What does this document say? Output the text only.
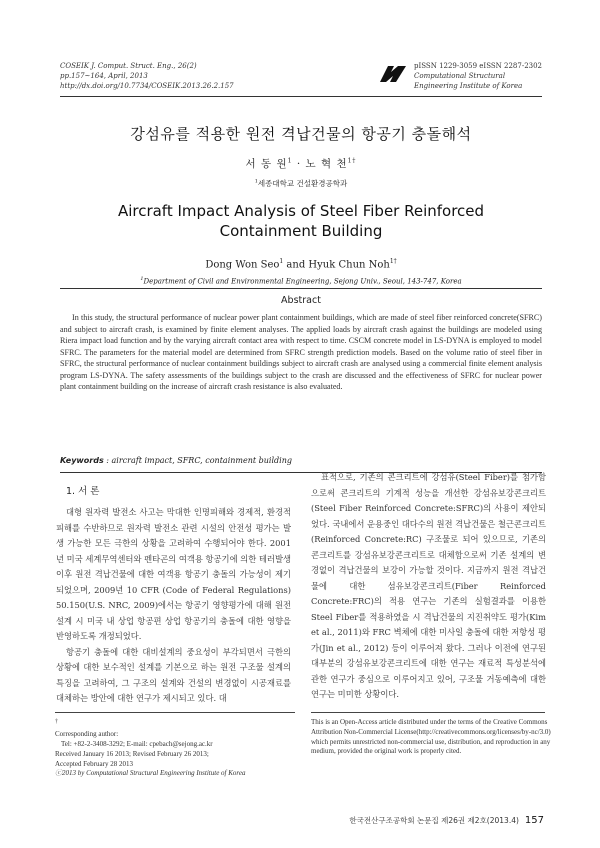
COSEIK J. Comput. Struct. Eng., 26(2)
pp.157~164, April, 2013
http://dx.doi.org/10.7734/COSEIK.2013.26.2.157
pISSN 1229-3059 eISSN 2287-2302
Computational Structural
Engineering Institute of Korea
강섬유를 적용한 원전 격납건물의 항공기 충돌해석
서 동 원$^1$ · 노 혁 천$^{1\dagger}$
$^1$세종대학교 건설환경공학과
Aircraft Impact Analysis of Steel Fiber Reinforced
Containment Building
Dong Won Seo$^1$ and Hyuk Chun Noh$^{1\dagger}$
$^1$Department of Civil and Environmental Engineering, Sejong Univ., Seoul, 143-747, Korea
Abstract
In this study, the structural performance of nuclear power plant containment buildings, which are made of steel fiber reinforced concrete(SFRC) and subject to aircraft crash, is examined by finite element analyses. The applied loads by aircraft crash against the buildings are modeled using Riera impact load function and by the varying aircraft contact area with respect to time. CSCM concrete model in LS-DYNA is employed to model SFRC. The parameters for the material model are determined from SFRC strength prediction models. Based on the volume ratio of steel fiber in SFRC, the structural performance of nuclear containment buildings subject to aircraft crash are analysed using a commercial finite element analysis program LS-DYNA. The safety assessments of the buildings subject to the crash are discussed and the effectiveness of SFRC for nuclear power plant containment building on the increase of aircraft crash resistance is also evaluated.
Keywords : aircraft impact, SFRC, containment building
1. 서 론

대형 원자력 발전소 사고는 막대한 인명피해와 경제적, 환경적 피해를 수반하므로 원자력 발전소 관련 시설의 안전성 평가는 발생 가능한 모든 극한의 상황을 고려하여 수행되어야 한다. 2001년 미국 세계무역센터와 펜타곤의 여객용 항공기에 의한 테러발생 이후 원전 격납건물에 대한 여객용 항공기 충돌의 가능성이 제기되었으며, 2009년 10 CFR (Code of Federal Regulations) 50.150(U.S. NRC, 2009)에서는 항공기 영향평가에 대해 원전 설계 시 미국 내 상업 항공편 상업 항공기의 충돌에 대한 영향을 반영하도록 개정되었다.

항공기 충돌에 대한 대비설계의 중요성이 부각되면서 극한의 상황에 대한 보수적인 설계를 기본으로 하는 원전 구조물 설계의 특징을 고려하여, 그 구조의 설계와 건설의 변경없이 시공재료를 대체하는 방안에 대한 연구가 제시되고 있다. 대

표적으로, 기존의 콘크리트에 강섬유(Steel Fiber)를 첨가함으로써 콘크리트의 기계적 성능을 개선한 강섬유보강콘크리트(Steel Fiber Reinforced Concrete:SFRC)의 사용이 제안되었다. 국내에서 운용중인 대다수의 원전 격납건물은 철근콘크리트(Reinforced Concrete:RC) 구조물로 되어 있으므로, 기존의 콘크리트를 강섬유보강콘크리트로 대체함으로써 기존 설계의 변경없이 격납건물의 보강이 가능할 것이다. 지금까지 원전 격납건물에 대한 섬유보강콘크리트(Fiber Reinforced Concrete:FRC)의 적용 연구는 기존의 실험결과를 이용한 Steel Fiber를 적용하였을 시 격납건물의 지진취약도 평가(Kim et al., 2011)와 FRC 벽체에 대한 미사일 충돌에 대한 저항성 평가(Jin et al., 2012) 등이 이루어져 왔다. 그러나 이전에 연구된 대부분의 강섬유보강콘크리트에 대한 연구는 재료적 특성분석에 관한 연구가 중심으로 이루어지고 있어, 구조물 거동예측에 대한 연구는 미미한 상황이다.

†
Corresponding author:
Tel: +82-2-3408-3292; E-mail: cpebach@sejong.ac.kr
Received January 16 2013; Revised February 26 2013;
Accepted February 28 2013
ⓒ2013 by Computational Structural Engineering Institute of Korea
This is an Open-Access article distributed under the terms of the Creative Commons Attribution Non-Commercial License(http://creativecommons.org/licenses/by-nc/3.0) which permits unrestricted non-commercial use, distribution, and reproduction in any medium, provided the original work is properly cited.
한국전산구조공학회 논문집 제26권 제2호(2013.4) 157
